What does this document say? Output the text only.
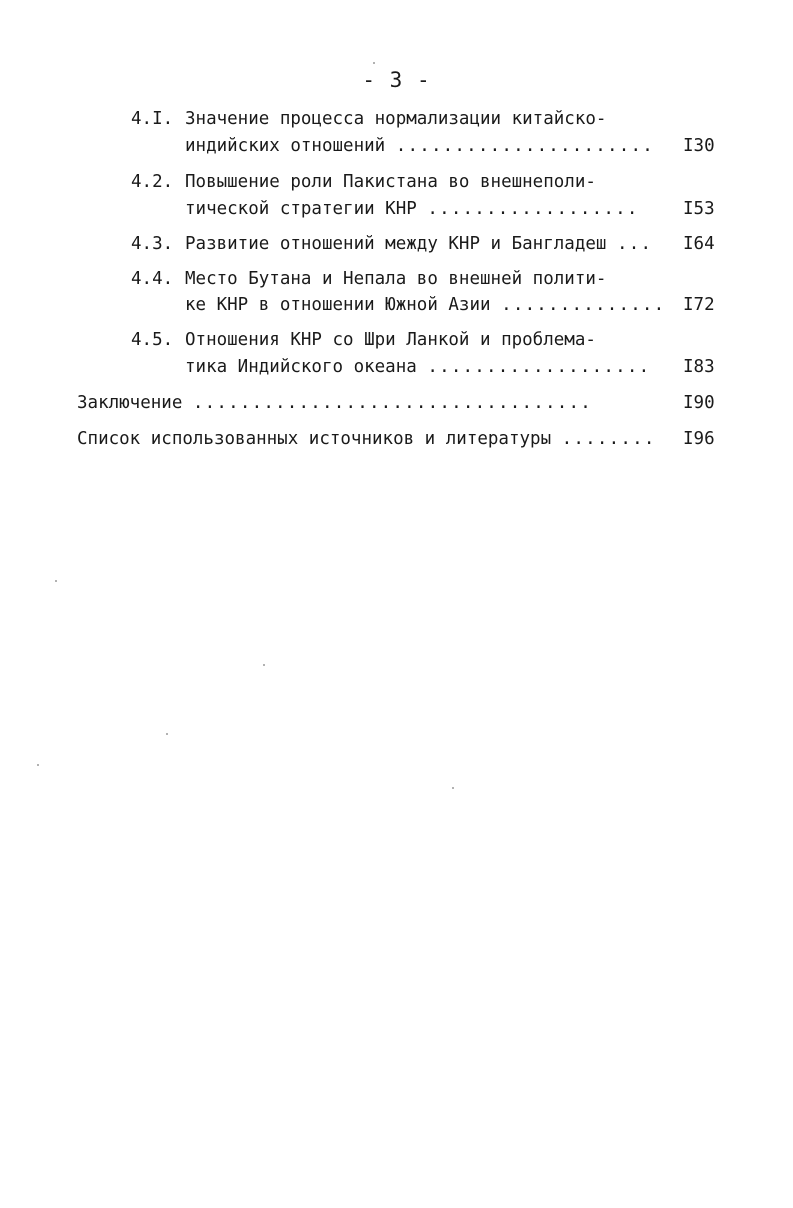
- 3 -
4.I. Значение процесса нормализации китайско-
индийских отношений ...................... I30
4.2. Повышение роли Пакистана во внешнеполи-
тической стратегии КНР ..................	I53
4.3. Развитие отношений между КНР и Бангладеш ... I64
4.4. Место Бутана и Непала во внешней полити-
ке КНР в отношении Южной Азии .............. I72
4.5. Отношения КНР со Шри Ланкой и проблема-
тика Индийского океана ................... I83
Заключение ..................................	I90
Список использованных источников и литературы ........ I96
